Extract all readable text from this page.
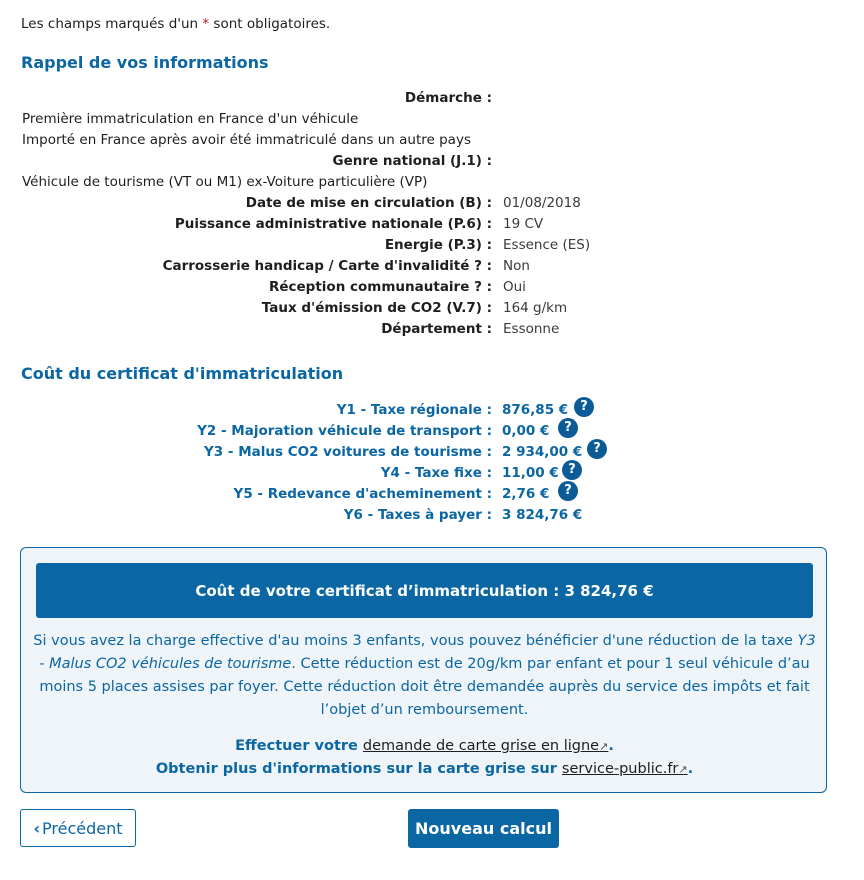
Les champs marqués d'un * sont obligatoires.
Rappel de vos informations
Démarche :
Première immatriculation en France d'un véhicule
Importé en France après avoir été immatriculé dans un autre pays
Genre national (J.1) :
Véhicule de tourisme (VT ou M1) ex-Voiture particulière (VP)
Date de mise en circulation (B) : 01/08/2018
Puissance administrative nationale (P.6) : 19 CV
Energie (P.3) : Essence (ES)
Carrosserie handicap / Carte d'invalidité ? : Non
Réception communautaire ? : Oui
Taux d'émission de CO2 (V.7) : 164 g/km
Département : Essonne
Coût du certificat d'immatriculation
Y1 - Taxe régionale : 876,85 € ?
Y2 - Majoration véhicule de transport : 0,00 €	?
Y3 - Malus CO2 voitures de tourisme : 2 934,00 € ?
Y4 - Taxe fixe : 11,00 € ?
Y5 - Redevance d'acheminement : 2,76 €	?
Y6 - Taxes à payer : 3 824,76 €
Coût de votre certificat d’immatriculation : 3 824,76 €
Si vous avez la charge effective d'au moins 3 enfants, vous pouvez bénéficier d'une réduction de la taxe Y3 - Malus CO2 véhicules de tourisme. Cette réduction est de 20g/km par enfant et pour 1 seul véhicule d’au moins 5 places assises par foyer. Cette réduction doit être demandée auprès du service des impôts et fait l’objet d’un remboursement.
Effectuer votre demande de carte grise en ligne↗.
Obtenir plus d'informations sur la carte grise sur service-public.fr↗.
‹ Précédent	Nouveau calcul
